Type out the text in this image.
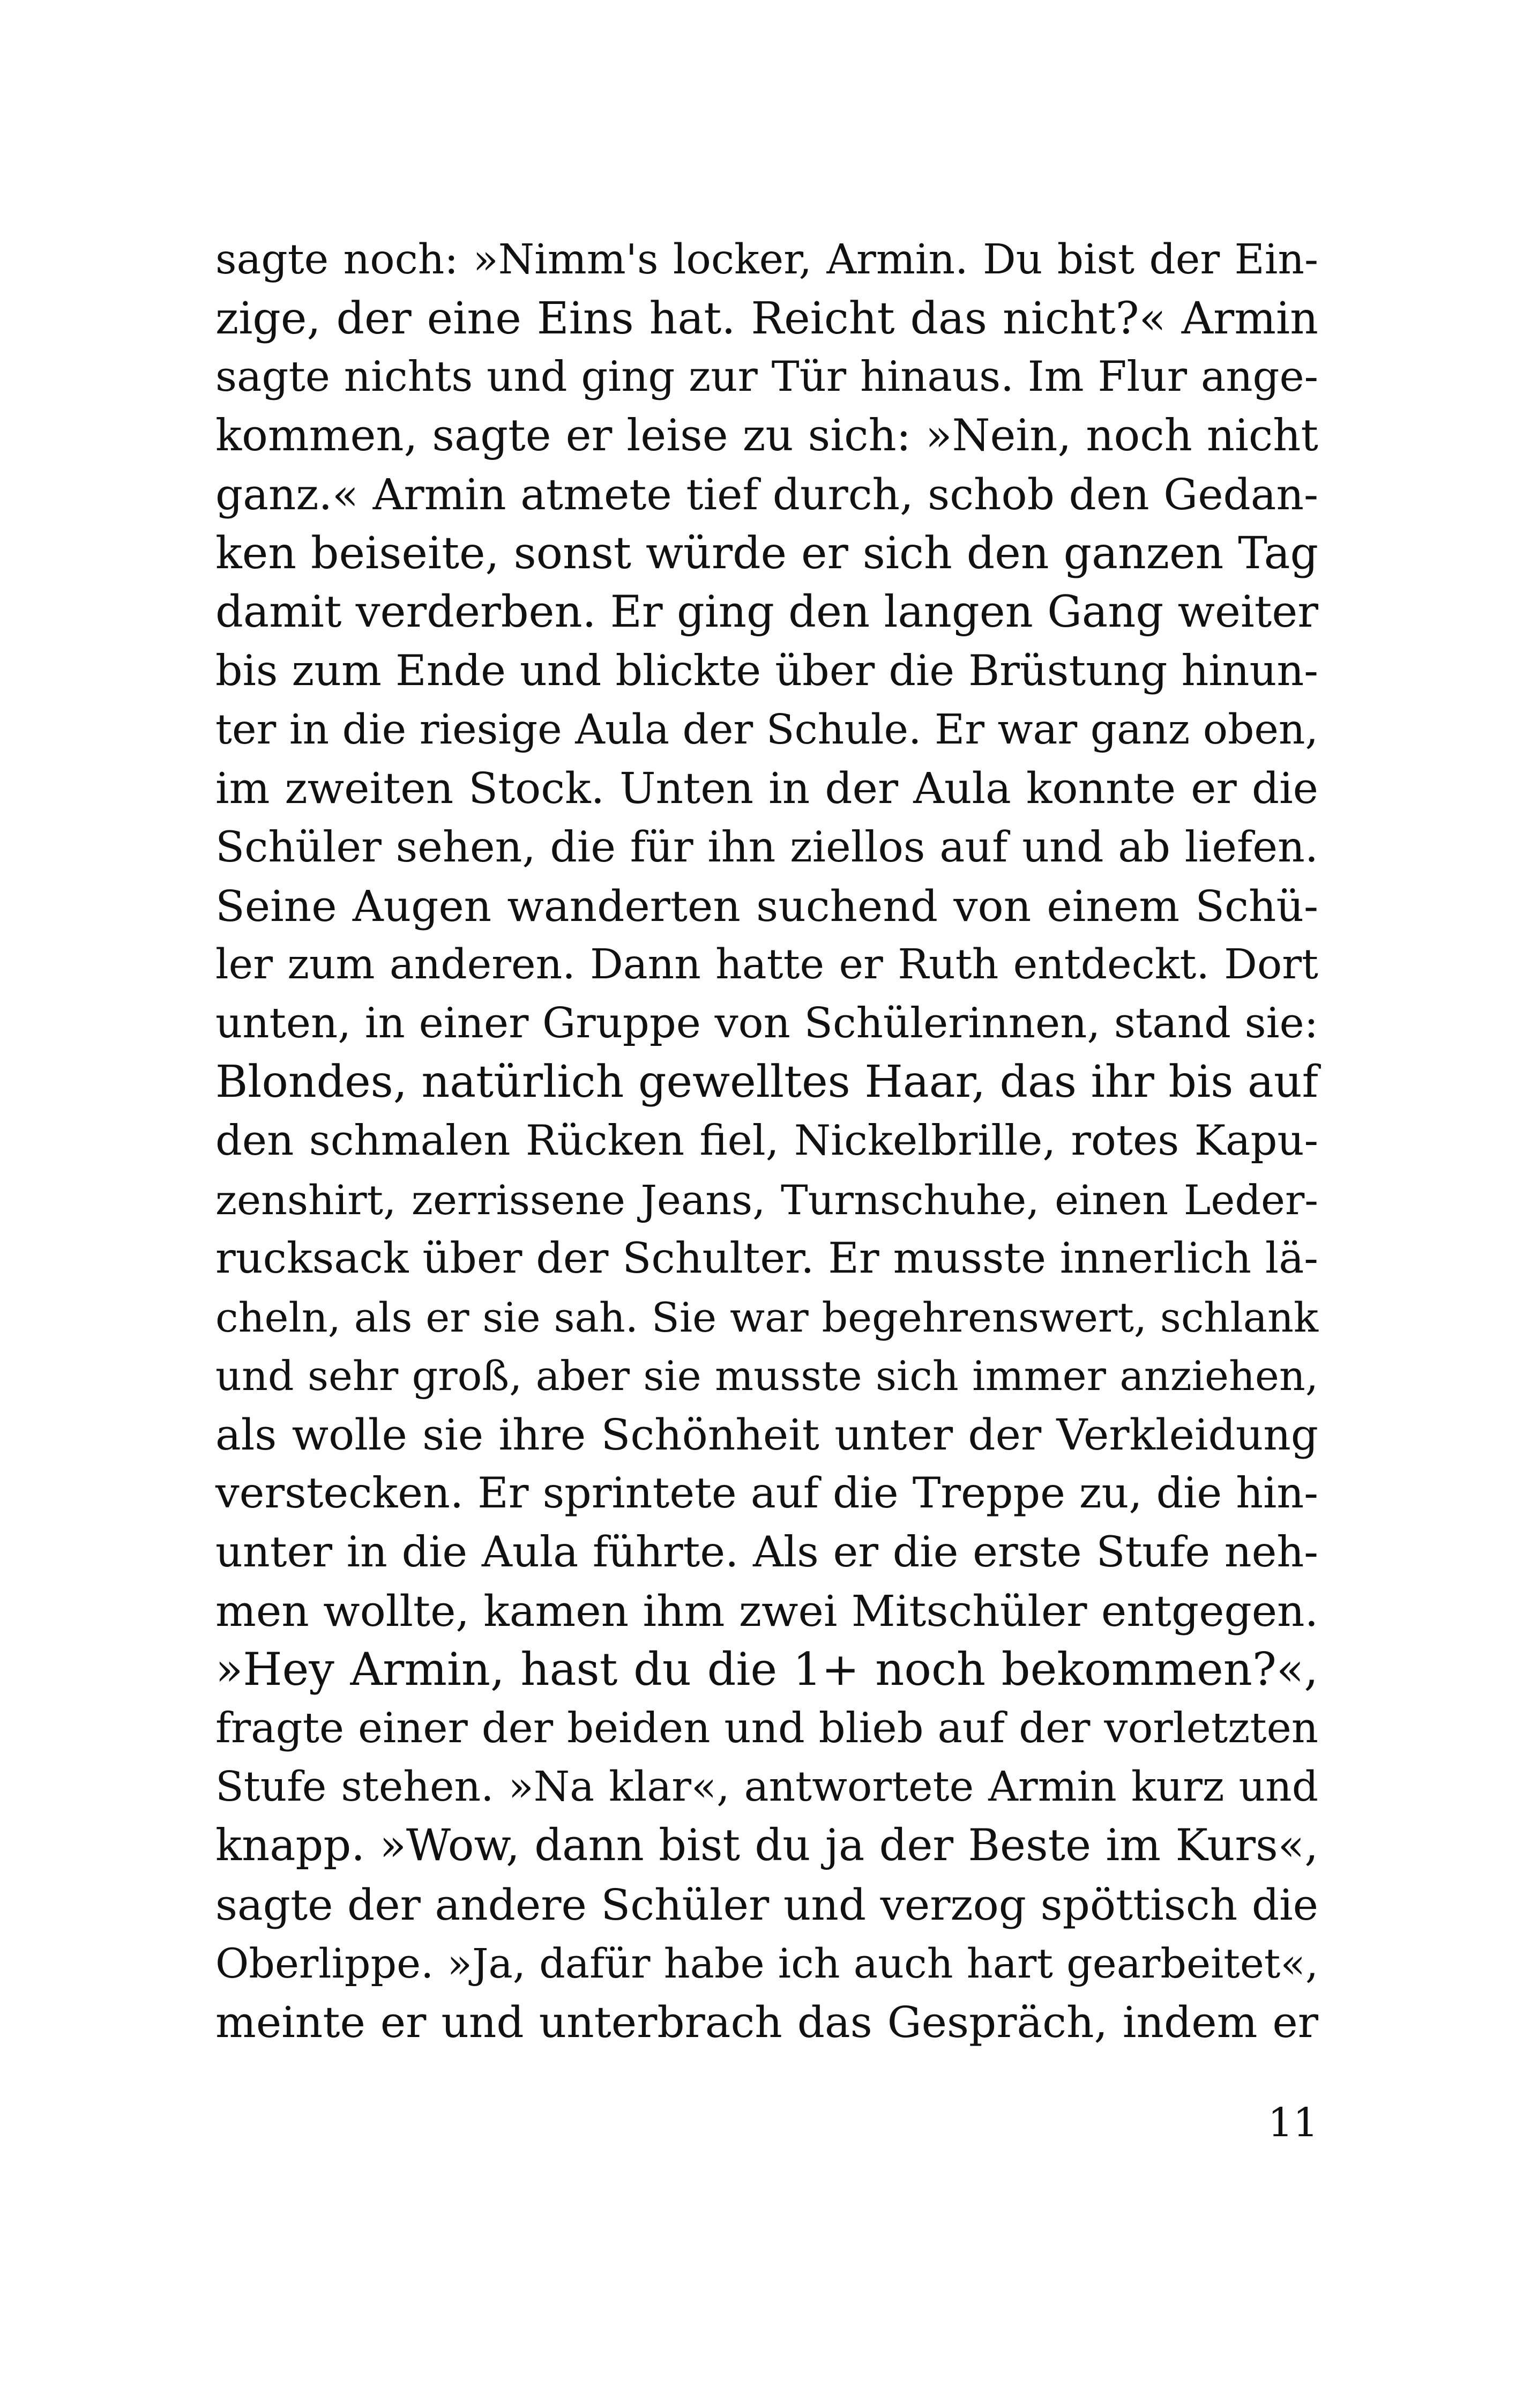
sagte noch: »Nimm's locker, Armin. Du bist der Ein-
zige, der eine Eins hat. Reicht das nicht?« Armin
sagte nichts und ging zur Tür hinaus. Im Flur ange-
kommen, sagte er leise zu sich: »Nein, noch nicht
ganz.« Armin atmete tief durch, schob den Gedan-
ken beiseite, sonst würde er sich den ganzen Tag
damit verderben. Er ging den langen Gang weiter
bis zum Ende und blickte über die Brüstung hinun-
ter in die riesige Aula der Schule. Er war ganz oben,
im zweiten Stock. Unten in der Aula konnte er die
Schüler sehen, die für ihn ziellos auf und ab liefen.
Seine Augen wanderten suchend von einem Schü-
ler zum anderen. Dann hatte er Ruth entdeckt. Dort
unten, in einer Gruppe von Schülerinnen, stand sie:
Blondes, natürlich gewelltes Haar, das ihr bis auf
den schmalen Rücken fiel, Nickelbrille, rotes Kapu-
zenshirt, zerrissene Jeans, Turnschuhe, einen Leder-
rucksack über der Schulter. Er musste innerlich lä-
cheln, als er sie sah. Sie war begehrenswert, schlank
und sehr groß, aber sie musste sich immer anziehen,
als wolle sie ihre Schönheit unter der Verkleidung
verstecken. Er sprintete auf die Treppe zu, die hin-
unter in die Aula führte. Als er die erste Stufe neh-
men wollte, kamen ihm zwei Mitschüler entgegen.
»Hey Armin, hast du die 1+ noch bekommen?«,
fragte einer der beiden und blieb auf der vorletzten
Stufe stehen. »Na klar«, antwortete Armin kurz und
knapp. »Wow, dann bist du ja der Beste im Kurs«,
sagte der andere Schüler und verzog spöttisch die
Oberlippe. »Ja, dafür habe ich auch hart gearbeitet«,
meinte er und unterbrach das Gespräch, indem er
11
